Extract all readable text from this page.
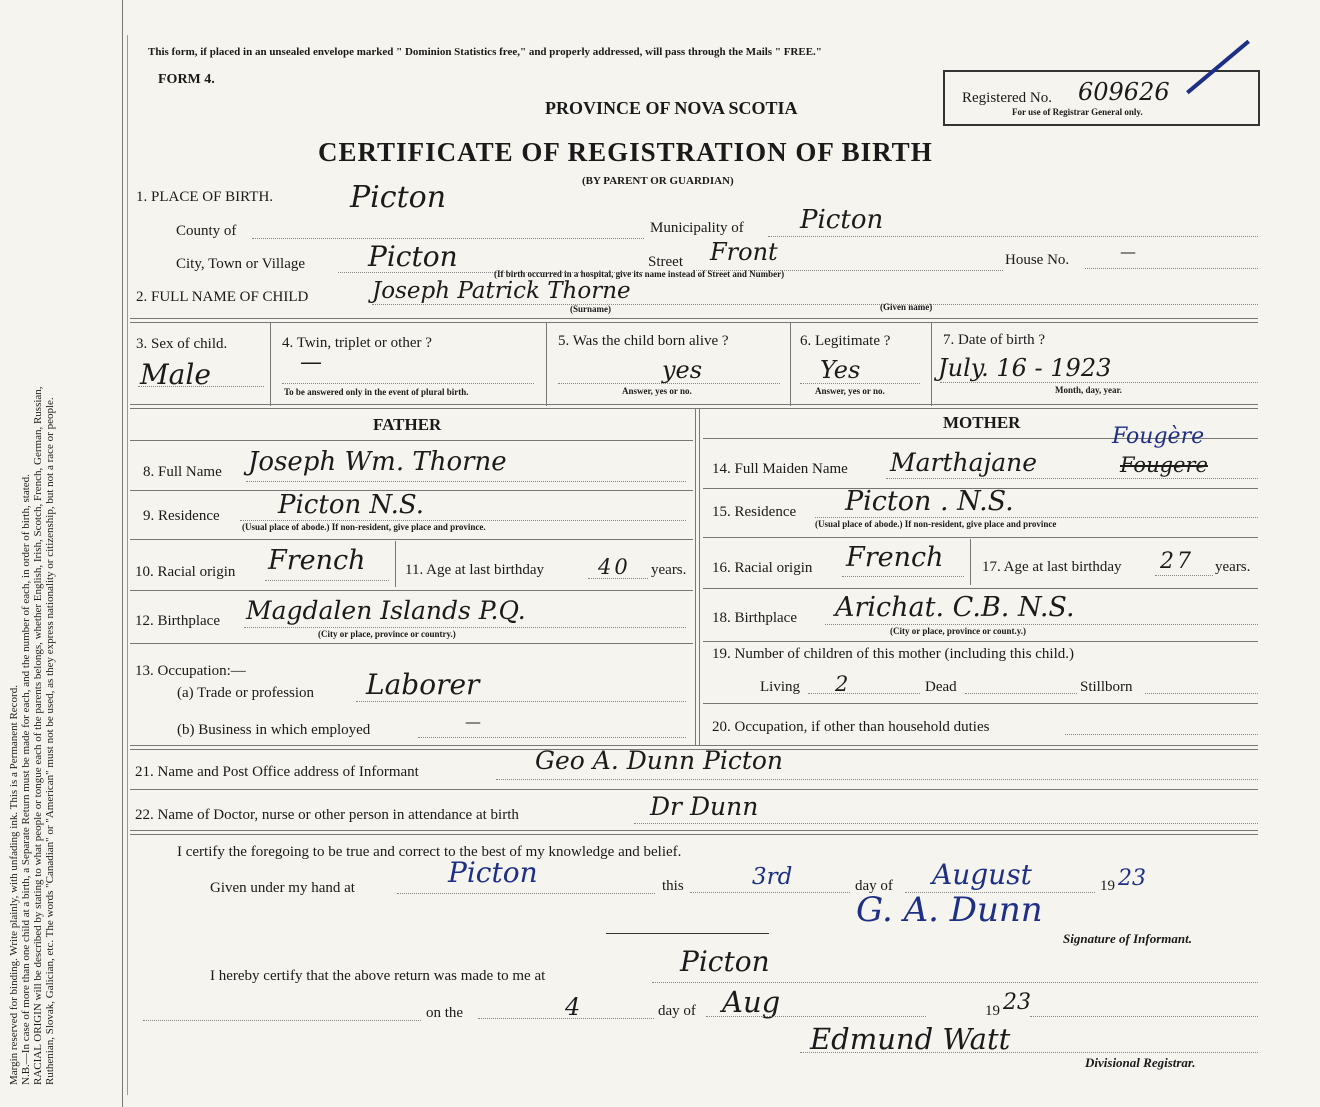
Margin reserved for binding. Write plainly, with unfading ink. This is a Permanent Record. N.B.—In case of more than one child at a birth, a Separate Return must be made for each, and the number of each, in order of birth, stated. RACIAL ORIGIN will be described by stating to what people or tongue each of the parents belongs, whether English, Irish, Scotch, French, German, Russian, Ruthenian, Slovak, Galician, etc. The words "Canadian" or "American" must not be used, as they express nationality or citizenship, but not a race or people.
This form, if placed in an unsealed envelope marked " Dominion Statistics free," and properly addressed, will pass through the Mails " FREE."
FORM 4.
PROVINCE OF NOVA SCOTIA
CERTIFICATE OF REGISTRATION OF BIRTH
(BY PARENT OR GUARDIAN)
Registered No. 609626
For use of Registrar General only.
1. PLACE OF BIRTH.	Picton
County of	Municipality of Picton
City, Town or Village Picton	Street Front	House No.	—
(If birth occurred in a hospital, give its name instead of Street and Number)
2. FULL NAME OF CHILD	Joseph Patrick Thorne
(Surname)	(Given name)
3. Sex of child.
Male
4. Twin, triplet or other ?
—
To be answered only in the event of plural birth.
5. Was the child born alive ?
yes
Answer, yes or no.
6. Legitimate ?
Yes
Answer, yes or no.
7. Date of birth ?
July. 16 - 1923
Month, day, year.
FATHER	MOTHER
8. Full Name Joseph Wm. Thorne
9. Residence Picton N.S.
(Usual place of abode.) If non-resident, give place and province.
10. Racial origin French	11. Age at last birthday	40 years.
12. Birthplace Magdalen Islands P.Q.
(City or place, province or country.)
13. Occupation:—
(a) Trade or profession Laborer
(b) Business in which employed	—
14. Full Maiden Name Marthajane	Fougere
Fougère
15. Residence Picton . N.S.
(Usual place of abode.) If non-resident, give place and province
16. Racial origin French	17. Age at last birthday 27 years.
18. Birthplace Arichat. C.B. N.S.
(City or place, province or count.y.)
19. Number of children of this mother (including this child.)
Living 2	Dead	Stillborn
20. Occupation, if other than household duties
21. Name and Post Office address of Informant	Geo A. Dunn Picton
22. Name of Doctor, nurse or other person in attendance at birth	Dr Dunn
I certify the foregoing to be true and correct to the best of my knowledge and belief.
Given under my hand at	Picton	this	3rd	day of August	19 23
G. A. Dunn
Signature of Informant.
I hereby certify that the above return was made to me at	Picton
on the	4	day of Aug	19 23
Edmund Watt
Divisional Registrar.
